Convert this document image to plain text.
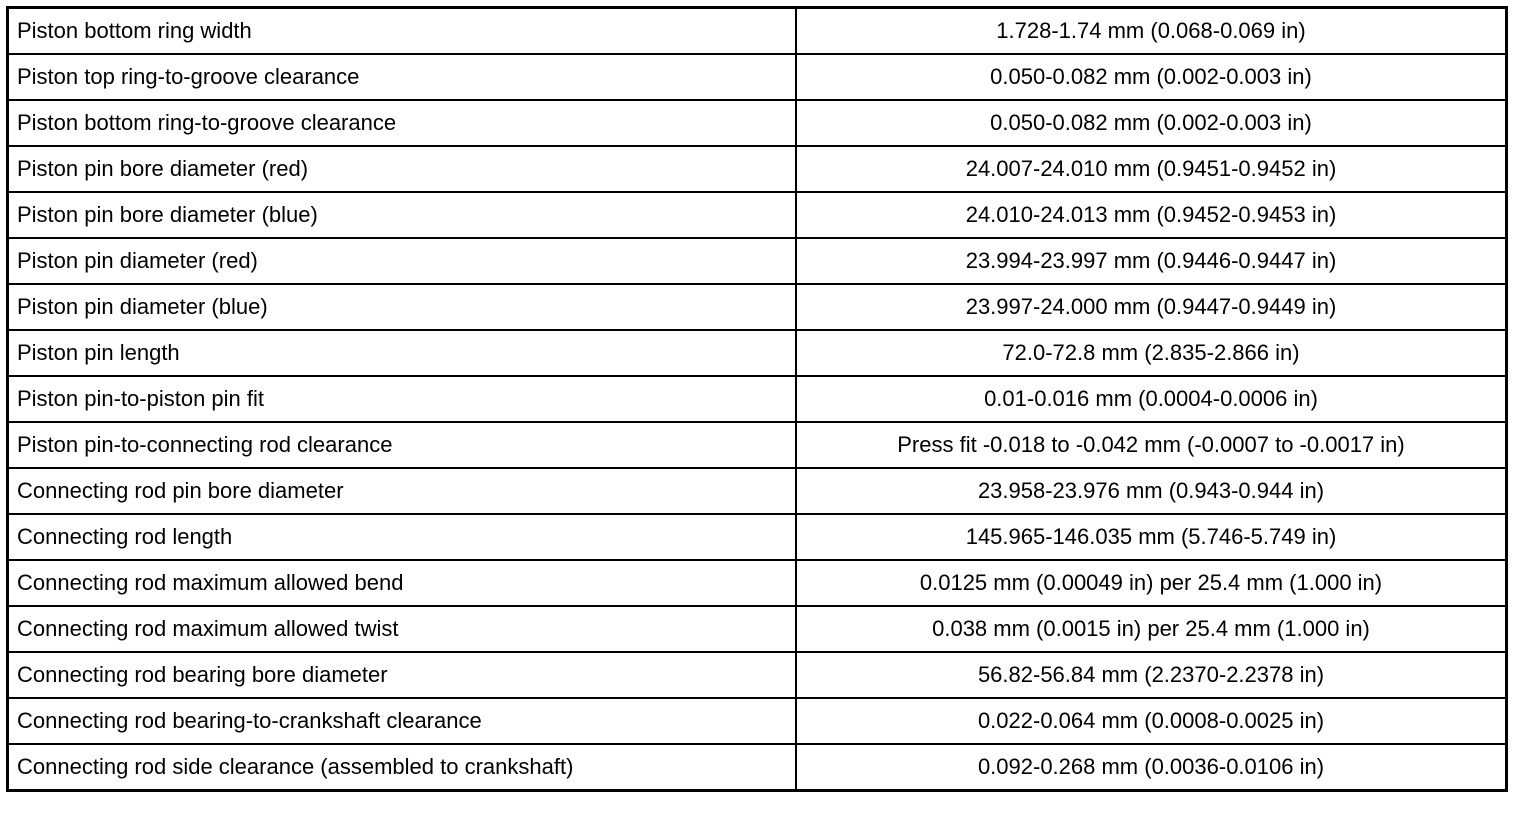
Piston bottom ring width	1.728-1.74 mm (0.068-0.069 in)
Piston top ring-to-groove clearance	0.050-0.082 mm (0.002-0.003 in)
Piston bottom ring-to-groove clearance	0.050-0.082 mm (0.002-0.003 in)
Piston pin bore diameter (red)	24.007-24.010 mm (0.9451-0.9452 in)
Piston pin bore diameter (blue)	24.010-24.013 mm (0.9452-0.9453 in)
Piston pin diameter (red)	23.994-23.997 mm (0.9446-0.9447 in)
Piston pin diameter (blue)	23.997-24.000 mm (0.9447-0.9449 in)
Piston pin length	72.0-72.8 mm (2.835-2.866 in)
Piston pin-to-piston pin fit	0.01-0.016 mm (0.0004-0.0006 in)
Piston pin-to-connecting rod clearance	Press fit -0.018 to -0.042 mm (-0.0007 to -0.0017 in)
Connecting rod pin bore diameter	23.958-23.976 mm (0.943-0.944 in)
Connecting rod length	145.965-146.035 mm (5.746-5.749 in)
Connecting rod maximum allowed bend	0.0125 mm (0.00049 in) per 25.4 mm (1.000 in)
Connecting rod maximum allowed twist	0.038 mm (0.0015 in) per 25.4 mm (1.000 in)
Connecting rod bearing bore diameter	56.82-56.84 mm (2.2370-2.2378 in)
Connecting rod bearing-to-crankshaft clearance	0.022-0.064 mm (0.0008-0.0025 in)
Connecting rod side clearance (assembled to crankshaft)	0.092-0.268 mm (0.0036-0.0106 in)
